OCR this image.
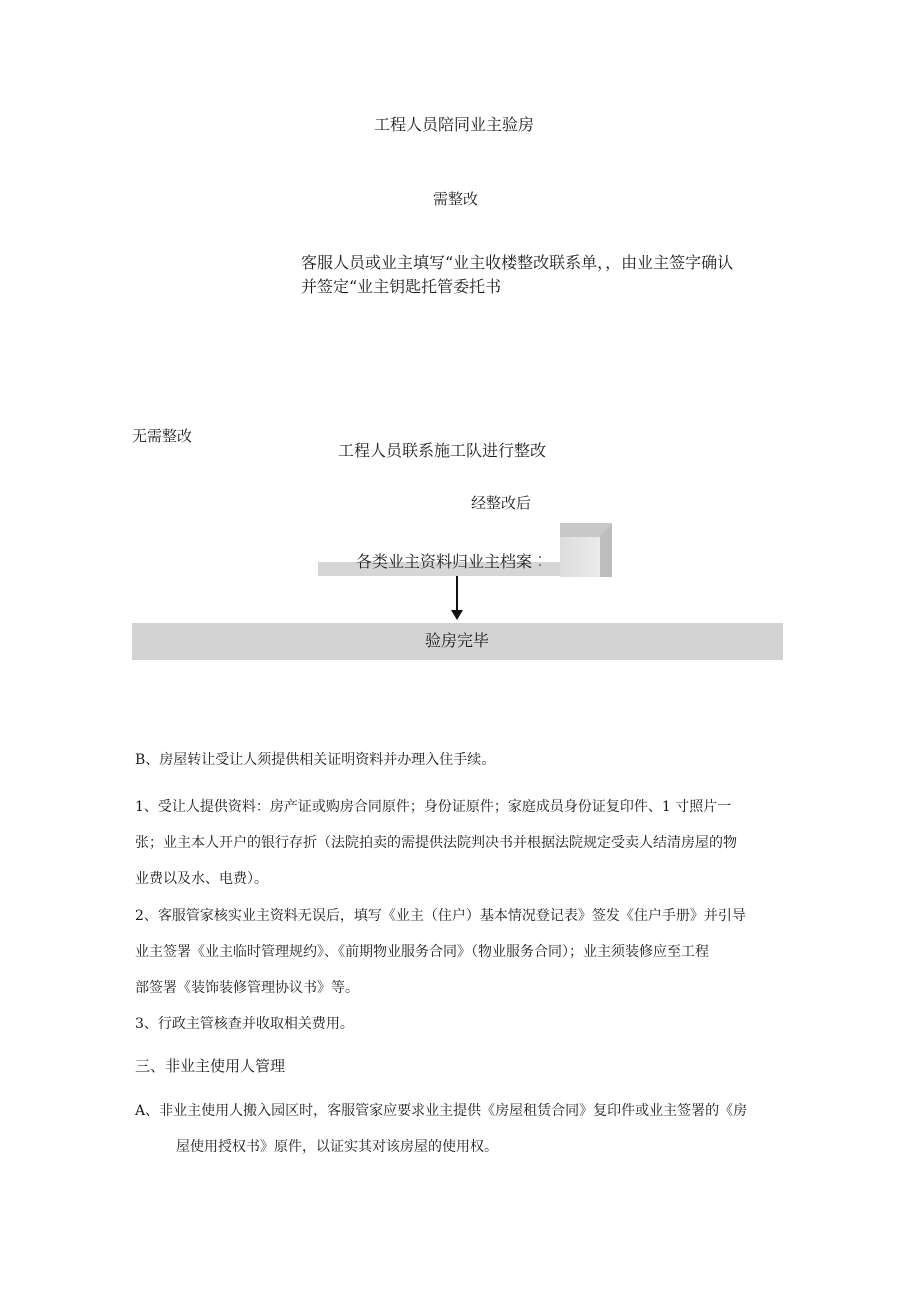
工程人员陪同业主验房
需整改
客服人员或业主填写“业主收楼整改联系单，，由业主签字确认
并签定“业主钥匙托管委托书
无需整改
工程人员联系施工队进行整改
经整改后
各类业主资料归业主档案∶
验房完毕
B、房屋转让受让人须提供相关证明资料并办理入住手续。
1、受让人提供资料：房产证或购房合同原件；身份证原件；家庭成员身份证复印件、1 寸照片一
张；业主本人开户的银行存折（法院拍卖的需提供法院判决书并根据法院规定受卖人结清房屋的物
业费以及水、电费）。
2、客服管家核实业主资料无误后，填写《业主（住户）基本情况登记表》签发《住户手册》并引导
业主签署《业主临时管理规约》、《前期物业服务合同》（物业服务合同）；业主须装修应至工程
部签署《装饰装修管理协议书》等。
3、行政主管核查并收取相关费用。
三、非业主使用人管理
A、非业主使用人搬入园区时，客服管家应要求业主提供《房屋租赁合同》复印件或业主签署的《房
屋使用授权书》原件，以证实其对该房屋的使用权。
